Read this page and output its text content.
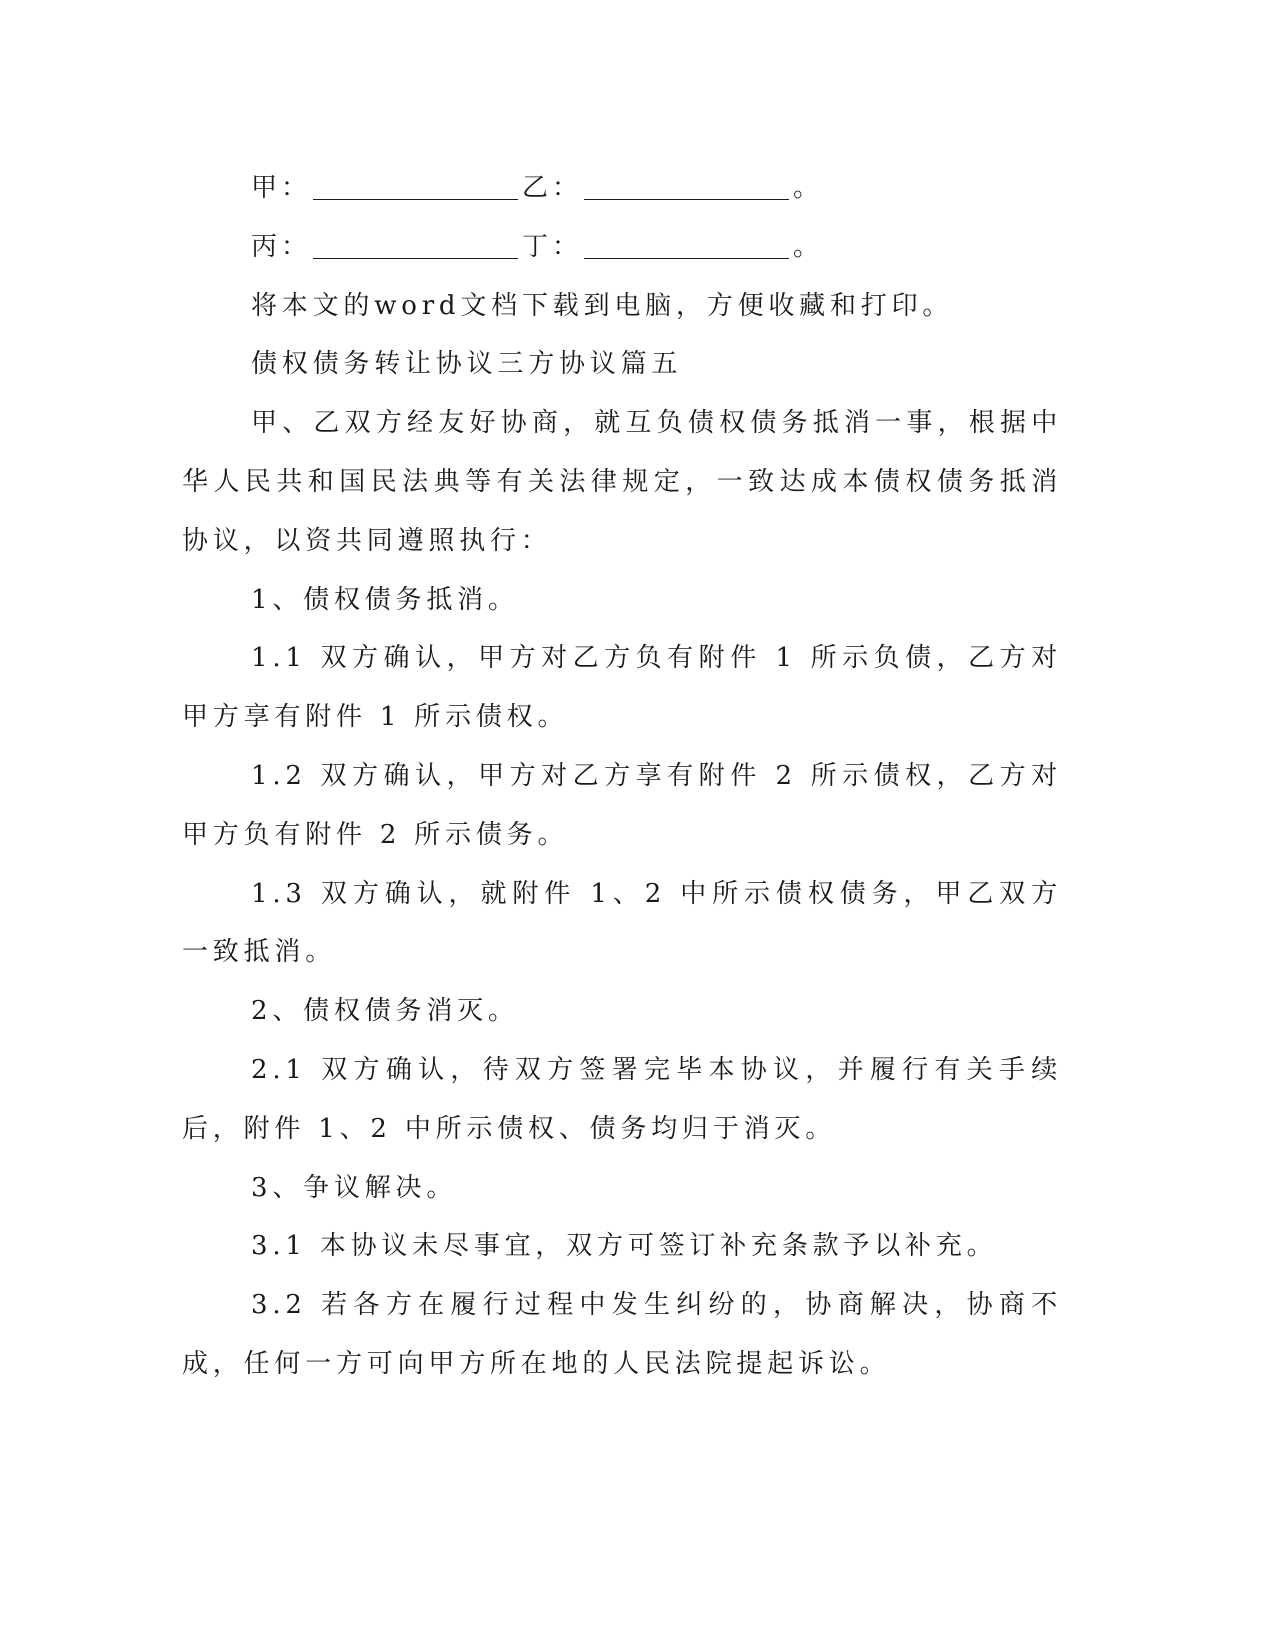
甲：	乙：	。

丙：	丁：	。

将本文的word文档下载到电脑，方便收藏和打印。

债权债务转让协议三方协议篇五

甲、乙双方经友好协商，就互负债权债务抵消一事，根据中华人民共和国民法典等有关法律规定，一致达成本债权债务抵消协议，以资共同遵照执行：

1、债权债务抵消。

1.1 双方确认，甲方对乙方负有附件 1 所示负债，乙方对甲方享有附件 1 所示债权。

1.2 双方确认，甲方对乙方享有附件 2 所示债权，乙方对甲方负有附件 2 所示债务。

1.3 双方确认，就附件 1、2 中所示债权债务，甲乙双方一致抵消。

2、债权债务消灭。

2.1 双方确认，待双方签署完毕本协议，并履行有关手续后，附件 1、2 中所示债权、债务均归于消灭。

3、争议解决。

3.1 本协议未尽事宜，双方可签订补充条款予以补充。

3.2 若各方在履行过程中发生纠纷的，协商解决，协商不成，任何一方可向甲方所在地的人民法院提起诉讼。
